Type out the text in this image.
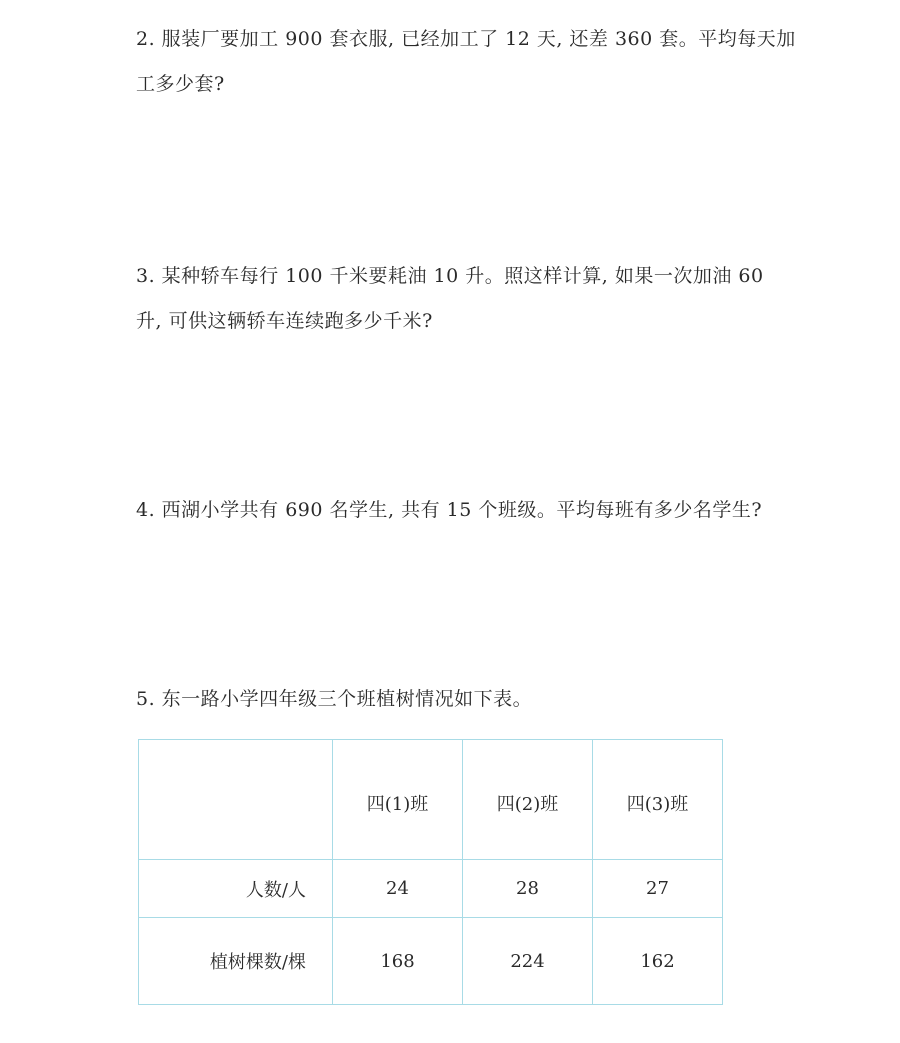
2. 服装厂要加工 900 套衣服, 已经加工了 12 天, 还差 360 套。平均每天加工多少套?

3. 某种轿车每行 100 千米要耗油 10 升。照这样计算, 如果一次加油 60 升, 可供这辆轿车连续跑多少千米?

4. 西湖小学共有 690 名学生, 共有 15 个班级。平均每班有多少名学生?

5. 东一路小学四年级三个班植树情况如下表。

	四(1)班	四(2)班	四(3)班
人数/人	24	28	27
植树棵数/棵	168	224	162
